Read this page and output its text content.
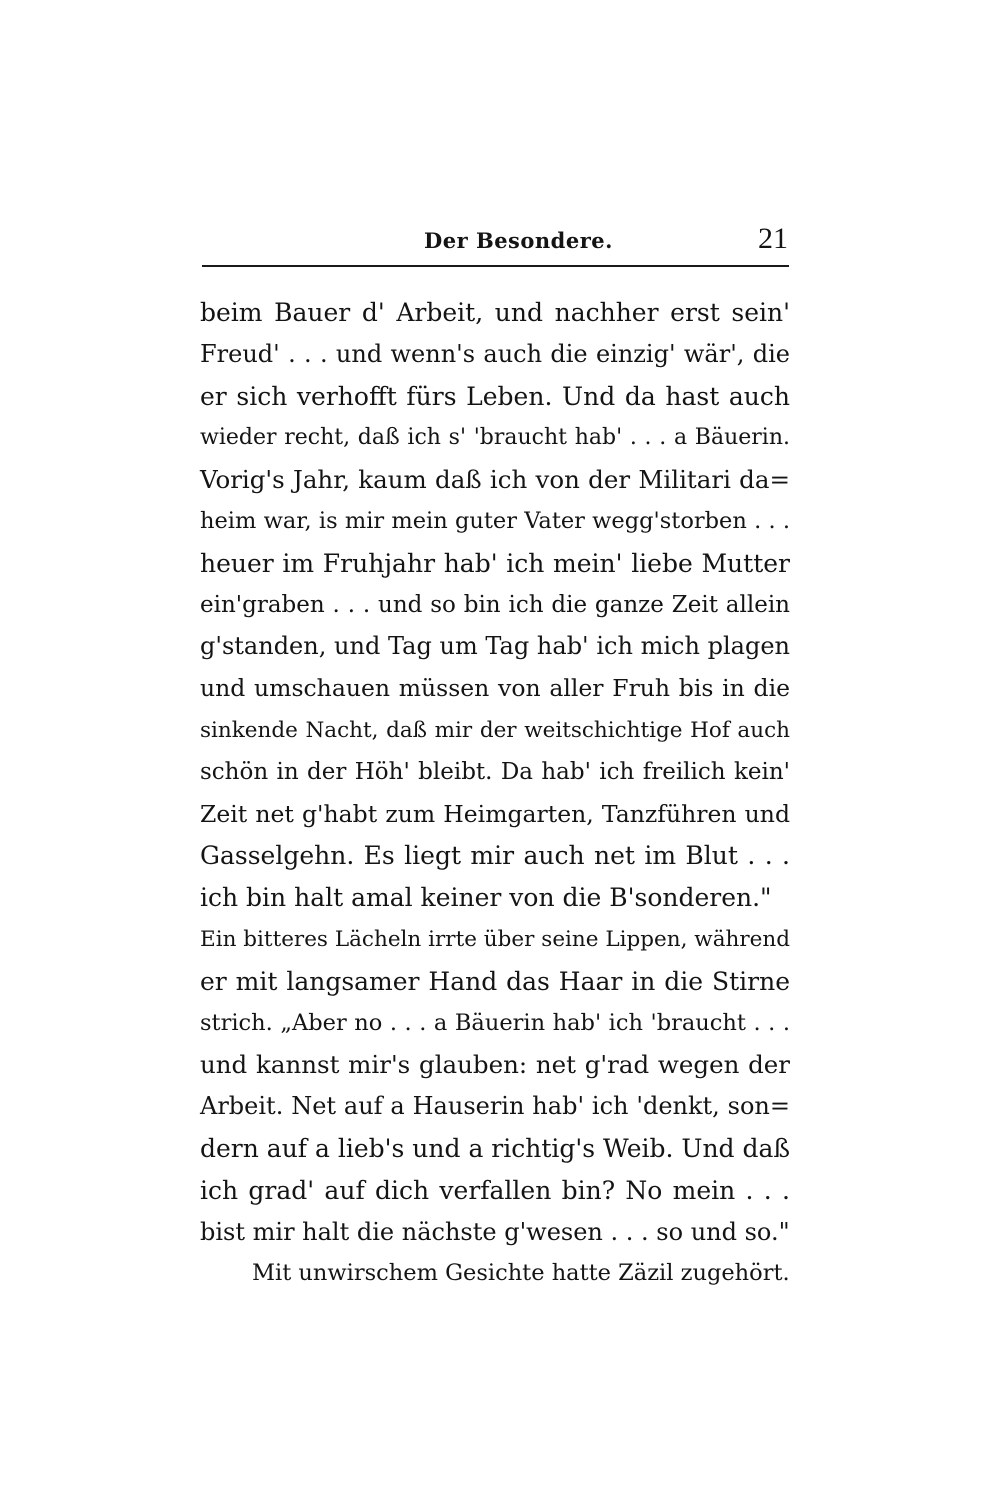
Der Besondere.	21
beim Bauer d' Arbeit, und nachher erst sein'
Freud' . . . und wenn's auch die einzig' wär', die
er sich verhofft fürs Leben. Und da hast auch
wieder recht, daß ich s' 'braucht hab' . . . a Bäuerin.
Vorig's Jahr, kaum daß ich von der Militari da=
heim war, is mir mein guter Vater wegg'storben . . .
heuer im Fruhjahr hab' ich mein' liebe Mutter
ein'graben . . . und so bin ich die ganze Zeit allein
g'standen, und Tag um Tag hab' ich mich plagen
und umschauen müssen von aller Fruh bis in die
sinkende Nacht, daß mir der weitschichtige Hof auch
schön in der Höh' bleibt. Da hab' ich freilich kein'
Zeit net g'habt zum Heimgarten, Tanzführen und
Gasselgehn. Es liegt mir auch net im Blut . . .
ich bin halt amal keiner von die B'sonderen."
Ein bitteres Lächeln irrte über seine Lippen, während
er mit langsamer Hand das Haar in die Stirne
strich. „Aber no . . . a Bäuerin hab' ich 'braucht . . .
und kannst mir's glauben: net g'rad wegen der
Arbeit. Net auf a Hauserin hab' ich 'denkt, son=
dern auf a lieb's und a richtig's Weib. Und daß
ich grad' auf dich verfallen bin? No mein . . .
bist mir halt die nächste g'wesen . . . so und so."
Mit unwirschem Gesichte hatte Zäzil zugehört.
